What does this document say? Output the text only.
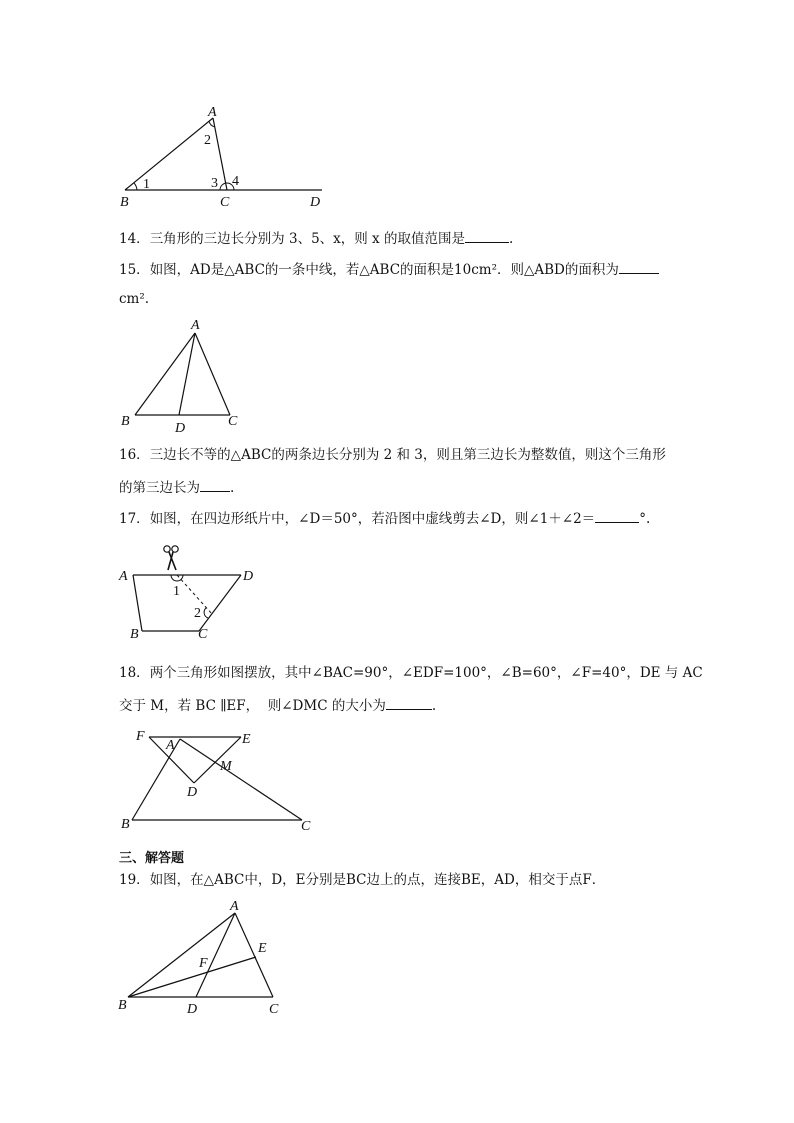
A
B	C	D
1
2
3 4
14．三角形的三边长分别为 3、5、x，则 x 的取值范围是	.
15．如图，AD是△ABC的一条中线，若△ABC的面积是10cm²．则△ABD的面积为
cm².
A
B	D	C
16．三边长不等的△ABC的两条边长分别为 2 和 3，则且第三边长为整数值，则这个三角形
的第三边长为 .
17．如图，在四边形纸片中，∠D＝50°，若沿图中虚线剪去∠D，则∠1＋∠2＝	°.
A	D
B	C
1
2
18．两个三角形如图摆放，其中∠BAC=90°，∠EDF=100°，∠B=60°，∠F=40°，DE 与 AC
交于 M，若 BC ∥EF， 则∠DMC 的大小为	.
F
A	E
M
D
B	C
三、解答题
19．如图，在△ABC中，D，E分别是BC边上的点，连接BE，AD，相交于点F．
A
E
F
B	D	C
